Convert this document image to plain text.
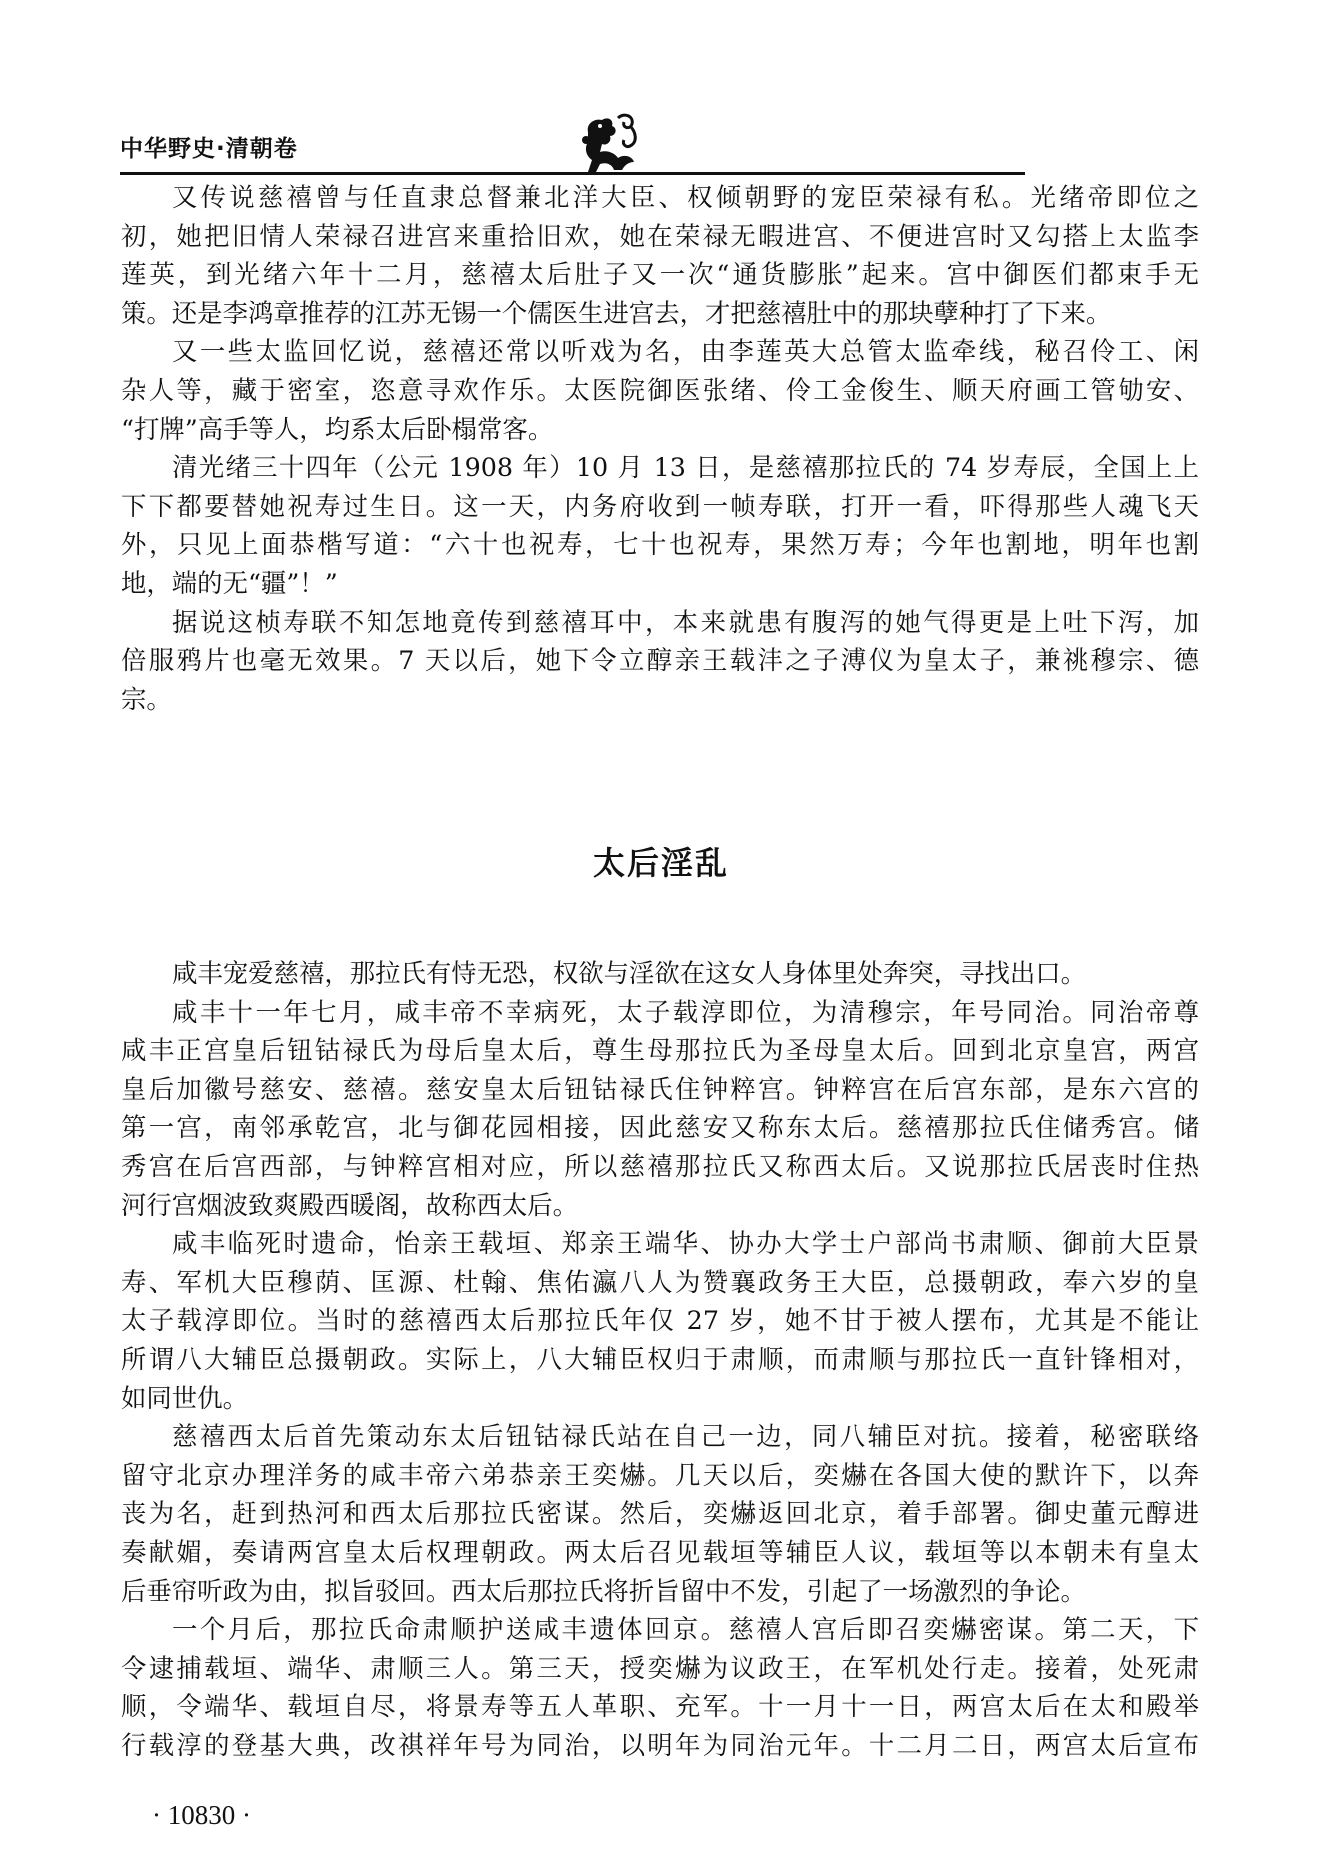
中华野史·清朝卷
又传说慈禧曾与任直隶总督兼北洋大臣、权倾朝野的宠臣荣禄有私。光绪帝即位之
初，她把旧情人荣禄召进宫来重拾旧欢，她在荣禄无暇进宫、不便进宫时又勾搭上太监李
莲英，到光绪六年十二月，慈禧太后肚子又一次“通货膨胀”起来。宫中御医们都束手无
策。还是李鸿章推荐的江苏无锡一个儒医生进宫去，才把慈禧肚中的那块孽种打了下来。
又一些太监回忆说，慈禧还常以听戏为名，由李莲英大总管太监牵线，秘召伶工、闲
杂人等，藏于密室，恣意寻欢作乐。太医院御医张绪、伶工金俊生、顺天府画工管劬安、
“打牌”高手等人，均系太后卧榻常客。
清光绪三十四年（公元 1908 年）10 月 13 日，是慈禧那拉氏的 74 岁寿辰，全国上上
下下都要替她祝寿过生日。这一天，内务府收到一帧寿联，打开一看，吓得那些人魂飞天
外，只见上面恭楷写道：“六十也祝寿，七十也祝寿，果然万寿；今年也割地，明年也割
地，端的无“疆”！”
据说这桢寿联不知怎地竟传到慈禧耳中，本来就患有腹泻的她气得更是上吐下泻，加
倍服鸦片也毫无效果。7 天以后，她下令立醇亲王载沣之子溥仪为皇太子，兼祧穆宗、德
宗。
太后淫乱
咸丰宠爱慈禧，那拉氏有恃无恐，权欲与淫欲在这女人身体里处奔突，寻找出口。
咸丰十一年七月，咸丰帝不幸病死，太子载淳即位，为清穆宗，年号同治。同治帝尊
咸丰正宫皇后钮钴禄氏为母后皇太后，尊生母那拉氏为圣母皇太后。回到北京皇宫，两宫
皇后加徽号慈安、慈禧。慈安皇太后钮钴禄氏住钟粹宫。钟粹宫在后宫东部，是东六宫的
第一宫，南邻承乾宫，北与御花园相接，因此慈安又称东太后。慈禧那拉氏住储秀宫。储
秀宫在后宫西部，与钟粹宫相对应，所以慈禧那拉氏又称西太后。又说那拉氏居丧时住热
河行宫烟波致爽殿西暖阁，故称西太后。
咸丰临死时遗命，怡亲王载垣、郑亲王端华、协办大学士户部尚书肃顺、御前大臣景
寿、军机大臣穆荫、匡源、杜翰、焦佑瀛八人为赞襄政务王大臣，总摄朝政，奉六岁的皇
太子载淳即位。当时的慈禧西太后那拉氏年仅 27 岁，她不甘于被人摆布，尤其是不能让
所谓八大辅臣总摄朝政。实际上，八大辅臣权归于肃顺，而肃顺与那拉氏一直针锋相对，
如同世仇。
慈禧西太后首先策动东太后钮钴禄氏站在自己一边，同八辅臣对抗。接着，秘密联络
留守北京办理洋务的咸丰帝六弟恭亲王奕爀。几天以后，奕爀在各国大使的默许下，以奔
丧为名，赶到热河和西太后那拉氏密谋。然后，奕爀返回北京，着手部署。御史董元醇进
奏献媚，奏请两宫皇太后权理朝政。两太后召见载垣等辅臣人议，载垣等以本朝未有皇太
后垂帘听政为由，拟旨驳回。西太后那拉氏将折旨留中不发，引起了一场激烈的争论。
一个月后，那拉氏命肃顺护送咸丰遗体回京。慈禧人宫后即召奕爀密谋。第二天，下
令逮捕载垣、端华、肃顺三人。第三天，授奕爀为议政王，在军机处行走。接着，处死肃
顺，令端华、载垣自尽，将景寿等五人革职、充军。十一月十一日，两宫太后在太和殿举
行载淳的登基大典，改祺祥年号为同治，以明年为同治元年。十二月二日，两宫太后宣布
· 10830 ·
